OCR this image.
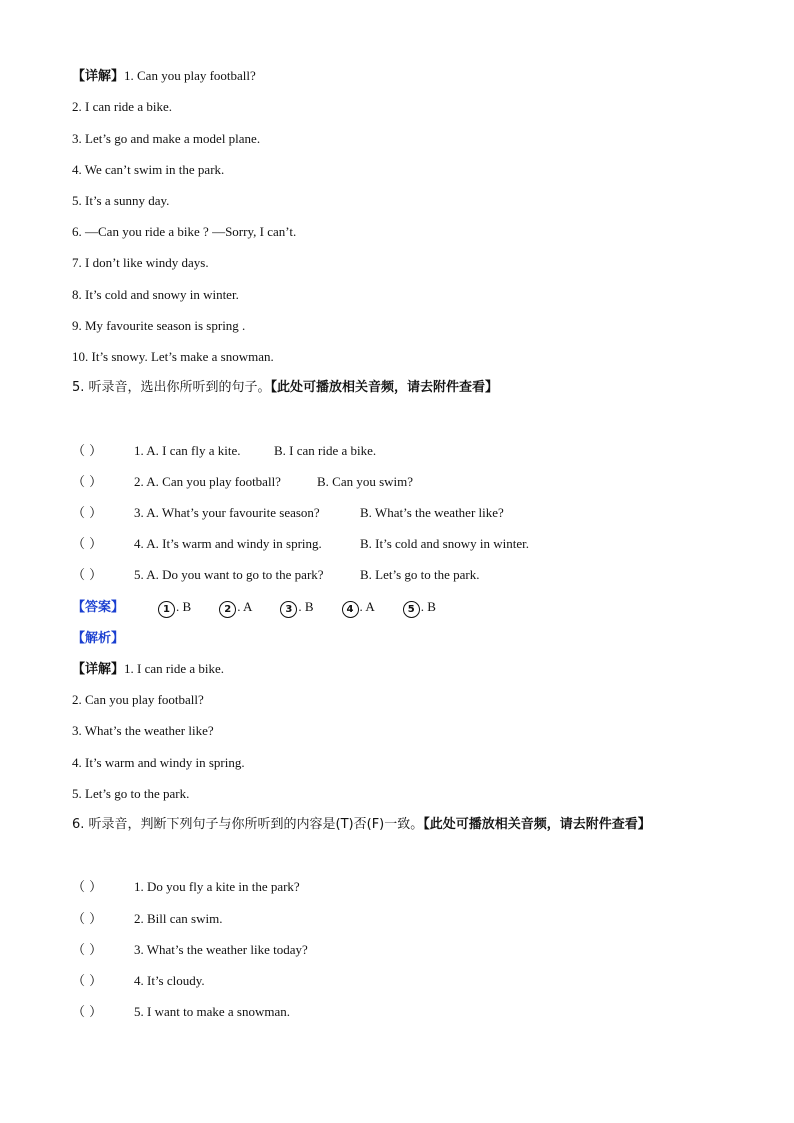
【详解】1. Can you play football?
2. I can ride a bike.
3. Let’s go and make a model plane.
4. We can’t swim in the park.
5. It’s a sunny day.
6. —Can you ride a bike ? —Sorry, I can’t.
7. I don’t like windy days.
8. It’s cold and snowy in winter.
9. My favourite season is spring .
10. It’s snowy. Let’s make a snowman.
5. 听录音，选出你所听到的句子。【此处可播放相关音频，请去附件查看】
（ ） 1. A. I can fly a kite.	B. I can ride a bike.
（ ） 2. A. Can you play football?	B. Can you swim?
（ ） 3. A. What’s your favourite season?	B. What’s the weather like?
（ ） 4. A. It’s warm and windy in spring.	B. It’s cold and snowy in winter.
（ ） 5. A. Do you want to go to the park?	B. Let’s go to the park.
【答案】	1 . B	2 . A	3 . B	4 . A	5 . B
【解析】
【详解】1. I can ride a bike.
2. Can you play football?
3. What’s the weather like?
4. It’s warm and windy in spring.
5. Let’s go to the park.
6. 听录音，判断下列句子与你所听到的内容是(T)否(F)一致。【此处可播放相关音频，请去附件查看】
（ ） 1. Do you fly a kite in the park?
（ ） 2. Bill can swim.
（ ） 3. What’s the weather like today?
（ ） 4. It’s cloudy.
（ ） 5. I want to make a snowman.
